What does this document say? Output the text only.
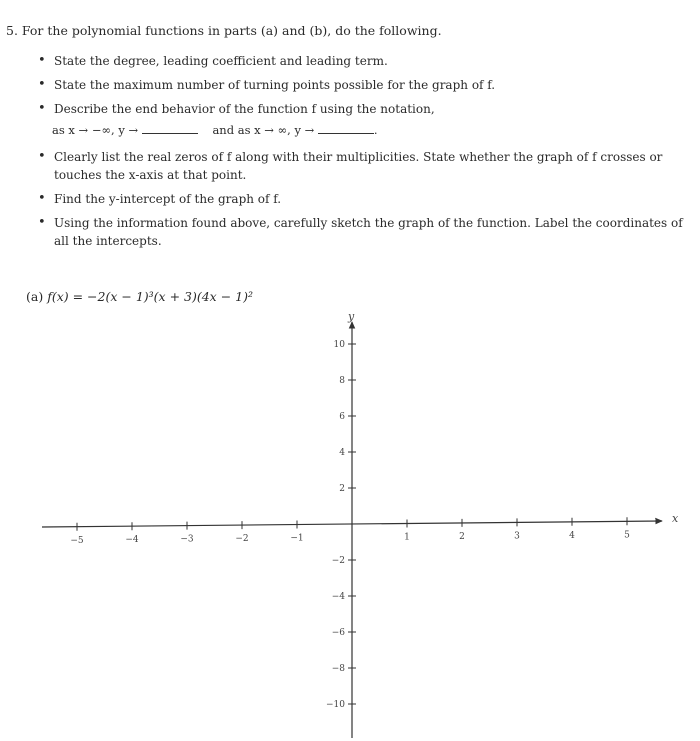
5. For the polynomial functions in parts (a) and (b), do the following.
• State the degree, leading coefficient and leading term.
• State the maximum number of turning points possible for the graph of f.
• Describe the end behavior of the function f using the notation,
as x → −∞, y →	and as x → ∞, y →	.
• Clearly list the real zeros of f along with their multiplicities. State whether the graph of f crosses or touches the x-axis at that point.
• Find the y-intercept of the graph of f.
• Using the information found above, carefully sketch the graph of the function. Label the coordinates of all the intercepts.
(a) f(x) = −2(x − 1)³(x + 3)(4x − 1)²
x
y
−5	−4	−3	−2	−1	1	2	3	4	5
−10
−8
−6
−4
−2
2
4
6
8
10
